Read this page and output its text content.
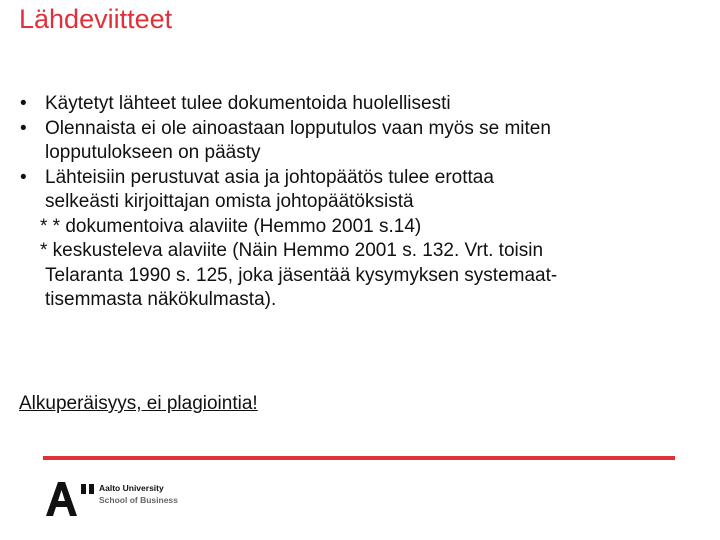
Lähdeviitteet
• Käytetyt lähteet tulee dokumentoida huolellisesti
• Olennaista ei ole ainoastaan lopputulos vaan myös se miten
lopputulokseen on päästy
• Lähteisiin perustuvat asia ja johtopäätös tulee erottaa
selkeästi kirjoittajan omista johtopäätöksistä
* * dokumentoiva alaviite (Hemmo 2001 s.14)
* keskusteleva alaviite (Näin Hemmo 2001 s. 132. Vrt. toisin
Telaranta 1990 s. 125, joka jäsentää kysymyksen systemaat-
tisemmasta näkökulmasta).
Alkuperäisyys, ei plagiointia!
Aalto University
School of Business
